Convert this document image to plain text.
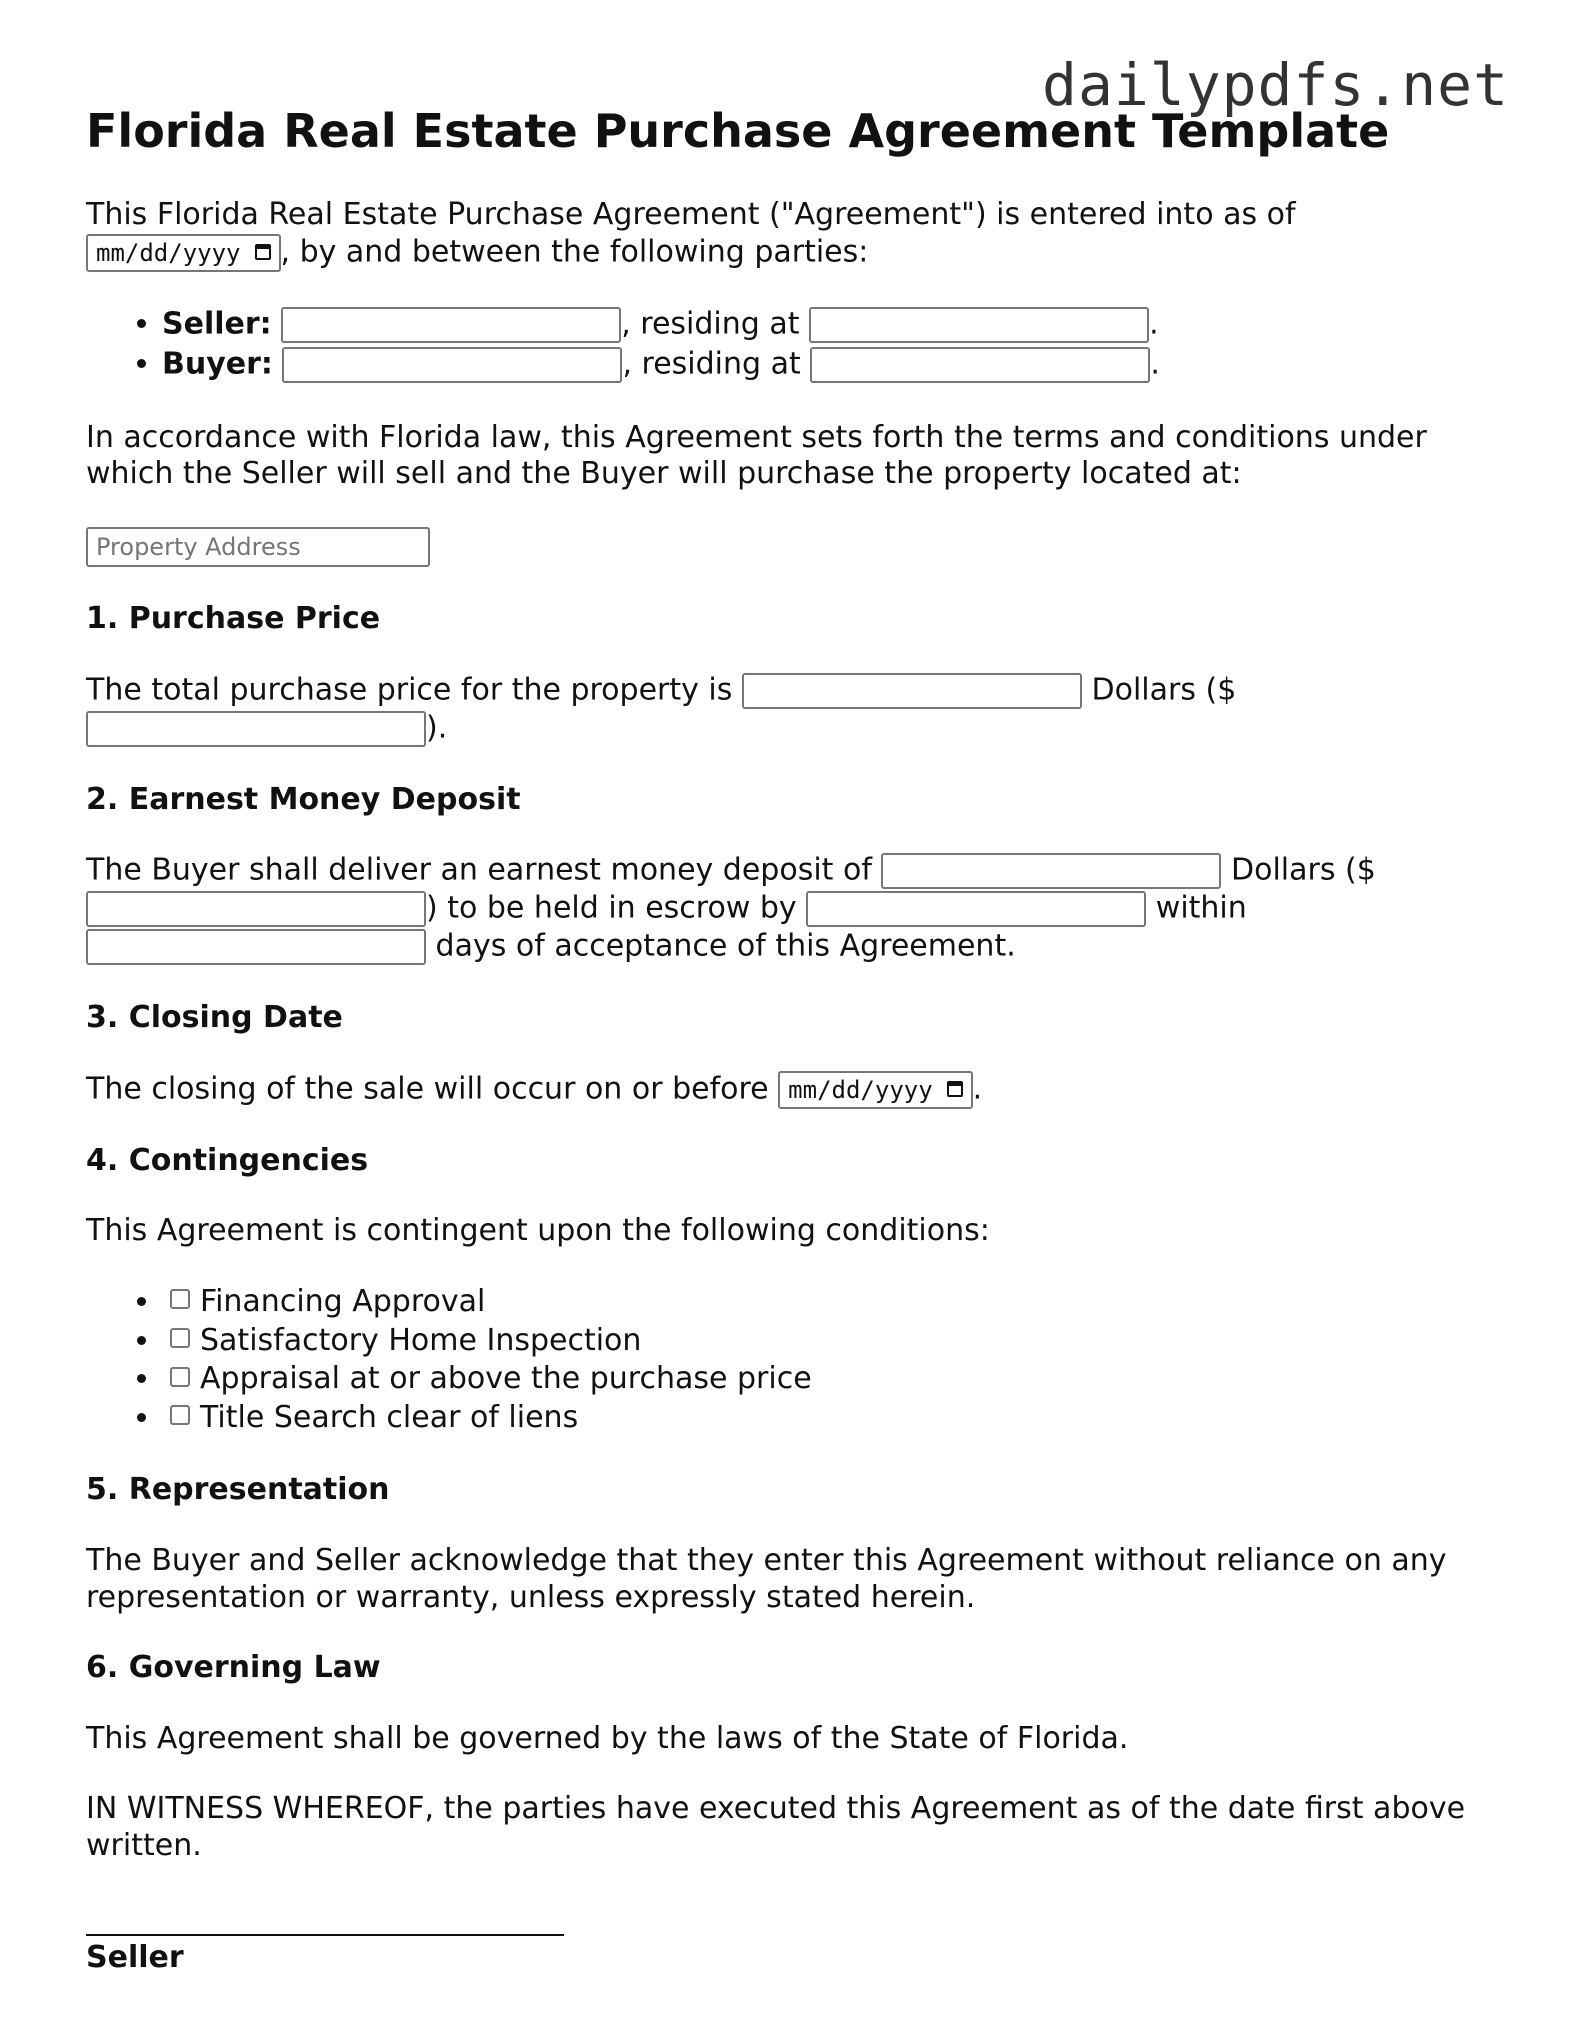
dailypdfs.net
Florida Real Estate Purchase Agreement Template

This Florida Real Estate Purchase Agreement ("Agreement") is entered into as of
mm/dd/yyyy , by and between the following parties:

• Seller:	, residing at	.
• Buyer:	, residing at	.

In accordance with Florida law, this Agreement sets forth the terms and conditions under which the Seller will sell and the Buyer will purchase the property located at:

Property Address

1. Purchase Price

The total purchase price for the property is	Dollars ($
).

2. Earnest Money Deposit

The Buyer shall deliver an earnest money deposit of	Dollars ($
) to be held in escrow by	within
days of acceptance of this Agreement.

3. Closing Date

The closing of the sale will occur on or before mm/dd/yyyy .

4. Contingencies

This Agreement is contingent upon the following conditions:

• Financing Approval
• Satisfactory Home Inspection
• Appraisal at or above the purchase price
• Title Search clear of liens
5. Representation

The Buyer and Seller acknowledge that they enter this Agreement without reliance on any representation or warranty, unless expressly stated herein.

6. Governing Law

This Agreement shall be governed by the laws of the State of Florida.

IN WITNESS WHEREOF, the parties have executed this Agreement as of the date first above written.

Seller
